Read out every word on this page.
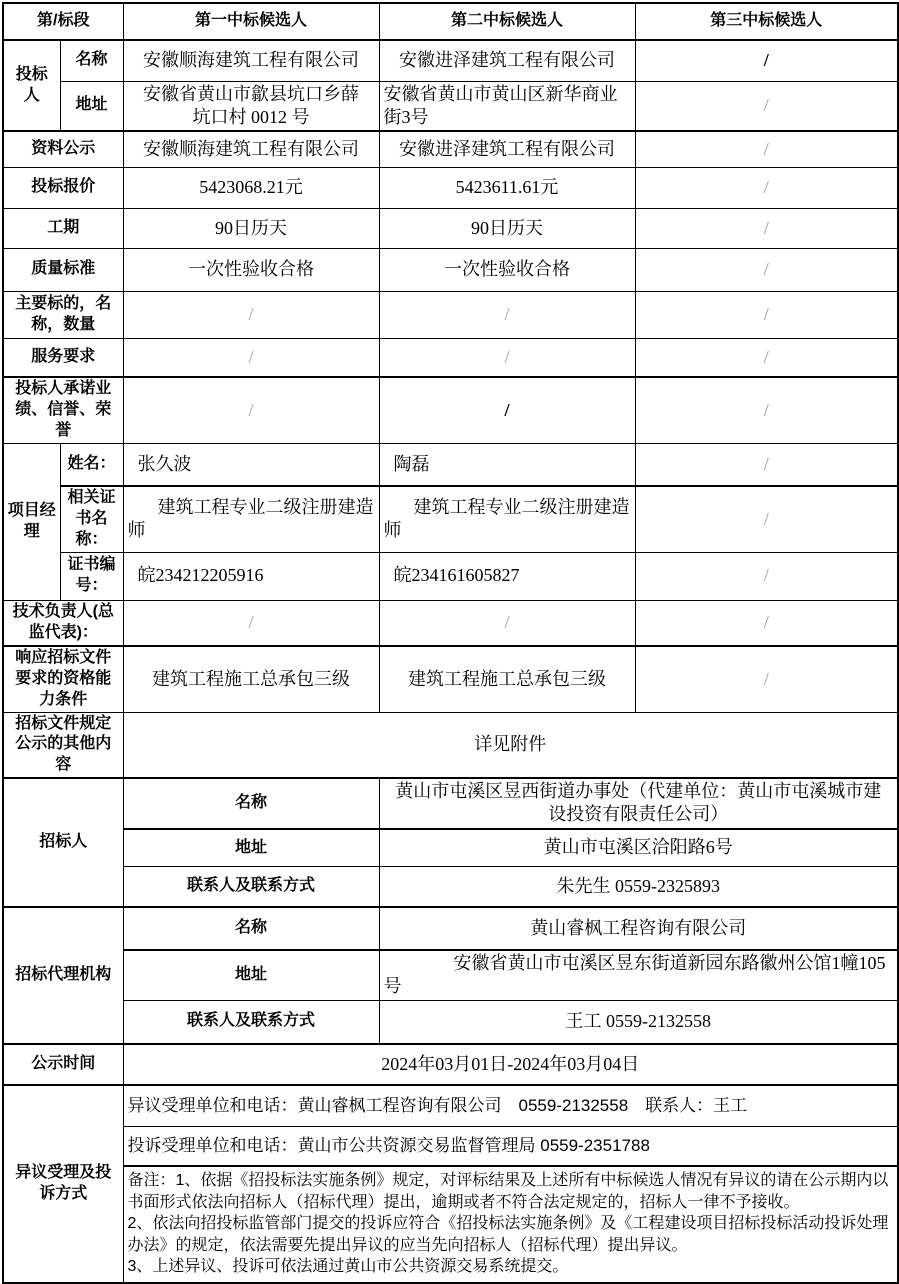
第/标段		第一中标候选人	第二中标候选人	第三中标候选人
投标人	名称	安徽顺海建筑工程有限公司	安徽进泽建筑工程有限公司	/
	地址	安徽省黄山市歙县坑口乡薛坑口村 0012 号	安徽省黄山市黄山区新华商业街3号	/
资料公示		安徽顺海建筑工程有限公司	安徽进泽建筑工程有限公司	/
投标报价		5423068.21元	5423611.61元	/
工期		90日历天	90日历天	/
质量标准		一次性验收合格	一次性验收合格	/
主要标的，名称，数量		/	/	/
服务要求		/	/	/
投标人承诺业绩、信誉、荣誉		/	/	/
项目经理	姓名：	张久波	陶磊	/
	相关证书名称：	建筑工程专业二级注册建造师	建筑工程专业二级注册建造师	/
	证书编号：	皖234212205916	皖234161605827	/
技术负责人(总监代表)：		/	/	/
响应招标文件要求的资格能力条件		建筑工程施工总承包三级	建筑工程施工总承包三级	/
招标文件规定公示的其他内容		详见附件		
招标人		名称	黄山市屯溪区昱西街道办事处（代建单位：黄山市屯溪城市建设投资有限责任公司）	
		地址	黄山市屯溪区洽阳路6号	
		联系人及联系方式	朱先生 0559-2325893	
招标代理机构		名称	黄山睿枫工程咨询有限公司	
		地址	安徽省黄山市屯溪区昱东街道新园东路徽州公馆1幢105号	
		联系人及联系方式	王工 0559-2132558	
公示时间		2024年03月01日-2024年03月04日		
异议受理及投诉方式		异议受理单位和电话：黄山睿枫工程咨询有限公司　0559-2132558　联系人：王工		
		投诉受理单位和电话：黄山市公共资源交易监督管理局 0559-2351788		

		备注：1、依据《招投标法实施条例》规定，对评标结果及上述所有中标候选人情况有异议的请在公示期内以书面形式依法向招标人（招标代理）提出，逾期或者不符合法定规定的，招标人一律不予接收。
2、依法向招投标监管部门提交的投诉应符合《招投标法实施条例》及《工程建设项目招标投标活动投诉处理办法》的规定，依法需要先提出异议的应当先向招标人（招标代理）提出异议。
3、上述异议、投诉可依法通过黄山市公共资源交易系统提交。		
